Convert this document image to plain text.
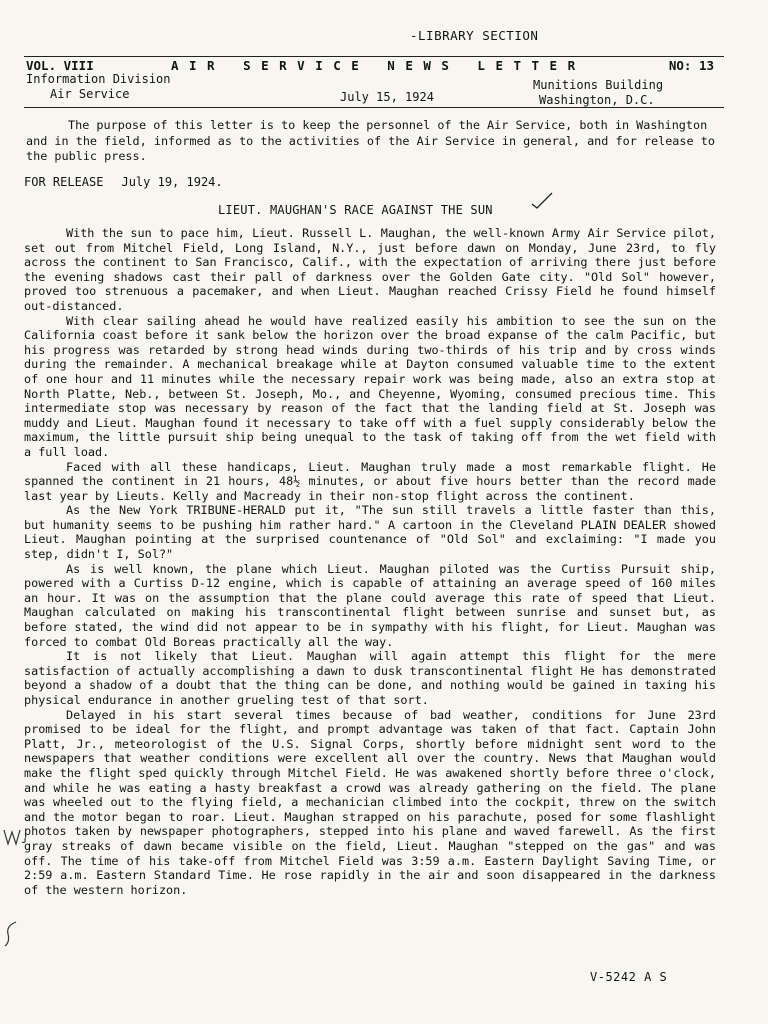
-LIBRARY SECTION
VOL. VIII	AIR SERVICE NEWS LETTER	NO: 13
Information Division
Air Service	July 15, 1924
Munitions Building
Washington, D.C.
The purpose of this letter is to keep the personnel of the Air Service, both in Washington and in the field, informed as to the activities of the Air Service in general, and for release to the public press.
FOR RELEASE July 19, 1924.
LIEUT. MAUGHAN'S RACE AGAINST THE SUN

With the sun to pace him, Lieut. Russell L. Maughan, the well-known Army Air Service pilot, set out from Mitchel Field, Long Island, N.Y., just before dawn on Monday, June 23rd, to fly across the continent to San Francisco, Calif., with the expectation of arriving there just before the evening shadows cast their pall of darkness over the Golden Gate city. "Old Sol" however, proved too strenuous a pacemaker, and when Lieut. Maughan reached Crissy Field he found himself out-distanced.

With clear sailing ahead he would have realized easily his ambition to see the sun on the California coast before it sank below the horizon over the broad expanse of the calm Pacific, but his progress was retarded by strong head winds during two-thirds of his trip and by cross winds during the remainder. A mechanical breakage while at Dayton consumed valuable time to the extent of one hour and 11 minutes while the necessary repair work was being made, also an extra stop at North Platte, Neb., between St. Joseph, Mo., and Cheyenne, Wyoming, consumed precious time. This intermediate stop was necessary by reason of the fact that the landing field at St. Joseph was muddy and Lieut. Maughan found it necessary to take off with a fuel supply considerably below the maximum, the little pursuit ship being unequal to the task of taking off from the wet field with a full load.

Faced with all these handicaps, Lieut. Maughan truly made a most remarkable flight. He spanned the continent in 21 hours, 48½ minutes, or about five hours better than the record made last year by Lieuts. Kelly and Macready in their non-stop flight across the continent.

As the New York TRIBUNE-HERALD put it, "The sun still travels a little faster than this, but humanity seems to be pushing him rather hard." A cartoon in the Cleveland PLAIN DEALER showed Lieut. Maughan pointing at the surprised countenance of "Old Sol" and exclaiming: "I made you step, didn't I, Sol?"

As is well known, the plane which Lieut. Maughan piloted was the Curtiss Pursuit ship, powered with a Curtiss D-12 engine, which is capable of attaining an average speed of 160 miles an hour. It was on the assumption that the plane could average this rate of speed that Lieut. Maughan calculated on making his transcontinental flight between sunrise and sunset but, as before stated, the wind did not appear to be in sympathy with his flight, for Lieut. Maughan was forced to combat Old Boreas practically all the way.

It is not likely that Lieut. Maughan will again attempt this flight for the mere satisfaction of actually accomplishing a dawn to dusk transcontinental flight He has demonstrated beyond a shadow of a doubt that the thing can be done, and nothing would be gained in taxing his physical endurance in another grueling test of that sort.

Delayed in his start several times because of bad weather, conditions for June 23rd promised to be ideal for the flight, and prompt advantage was taken of that fact. Captain John Platt, Jr., meteorologist of the U.S. Signal Corps, shortly before midnight sent word to the newspapers that weather conditions were excellent all over the country. News that Maughan would make the flight sped quickly through Mitchel Field. He was awakened shortly before three o'clock, and while he was eating a hasty breakfast a crowd was already gathering on the field. The plane was wheeled out to the flying field, a mechanician climbed into the cockpit, threw on the switch and the motor began to roar. Lieut. Maughan strapped on his parachute, posed for some flashlight photos taken by newspaper photographers, stepped into his plane and waved farewell. As the first gray streaks of dawn became visible on the field, Lieut. Maughan "stepped on the gas" and was off. The time of his take-off from Mitchel Field was 3:59 a.m. Eastern Daylight Saving Time, or 2:59 a.m. Eastern Standard Time. He rose rapidly in the air and soon disappeared in the darkness of the western horizon.

V-5242 A S
